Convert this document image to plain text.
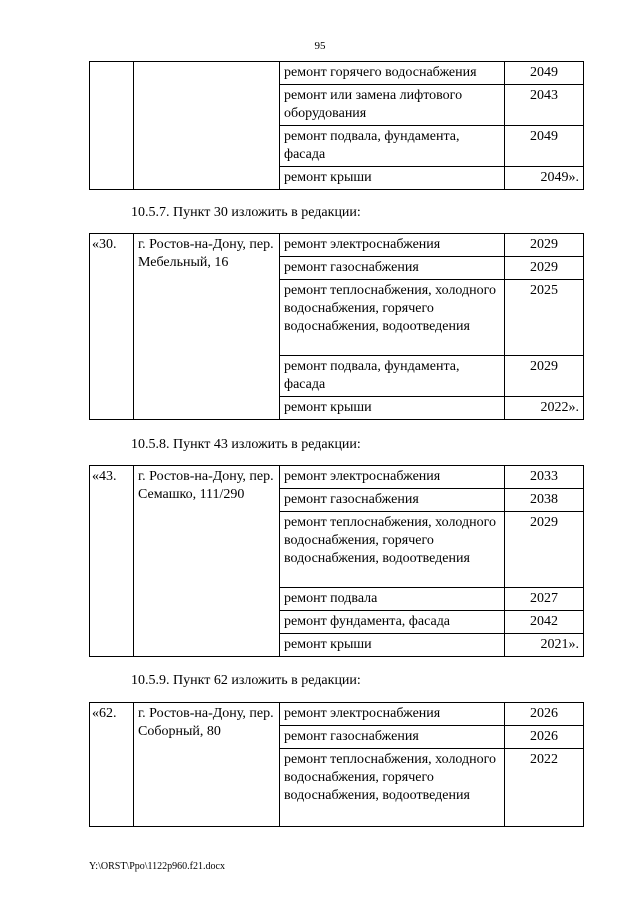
95
		ремонт горячего водоснабжения	2049
		ремонт или замена лифтового оборудования	2043
		ремонт подвала, фундамента, фасада	2049
		ремонт крыши	2049».
10.5.7. Пункт 30 изложить в редакции:
«30.	г. Ростов-на-Дону, пер. Мебельный, 16	ремонт электроснабжения	2029
		ремонт газоснабжения	2029
		ремонт теплоснабжения, холодного водоснабжения, горячего водоснабжения, водоотведения	2025
		ремонт подвала, фундамента, фасада	2029
		ремонт крыши	2022».
10.5.8. Пункт 43 изложить в редакции:
«43.	г. Ростов-на-Дону, пер. Семашко, 111/290	ремонт электроснабжения	2033
		ремонт газоснабжения	2038
		ремонт теплоснабжения, холодного водоснабжения, горячего водоснабжения, водоотведения	2029
		ремонт подвала	2027
		ремонт фундамента, фасада	2042
		ремонт крыши	2021».
10.5.9. Пункт 62 изложить в редакции:
«62.	г. Ростов-на-Дону, пер. Соборный, 80	ремонт электроснабжения	2026
		ремонт газоснабжения	2026
		ремонт теплоснабжения, холодного водоснабжения, горячего водоснабжения, водоотведения	2022
Y:\ORST\Ppo\1122p960.f21.docx
